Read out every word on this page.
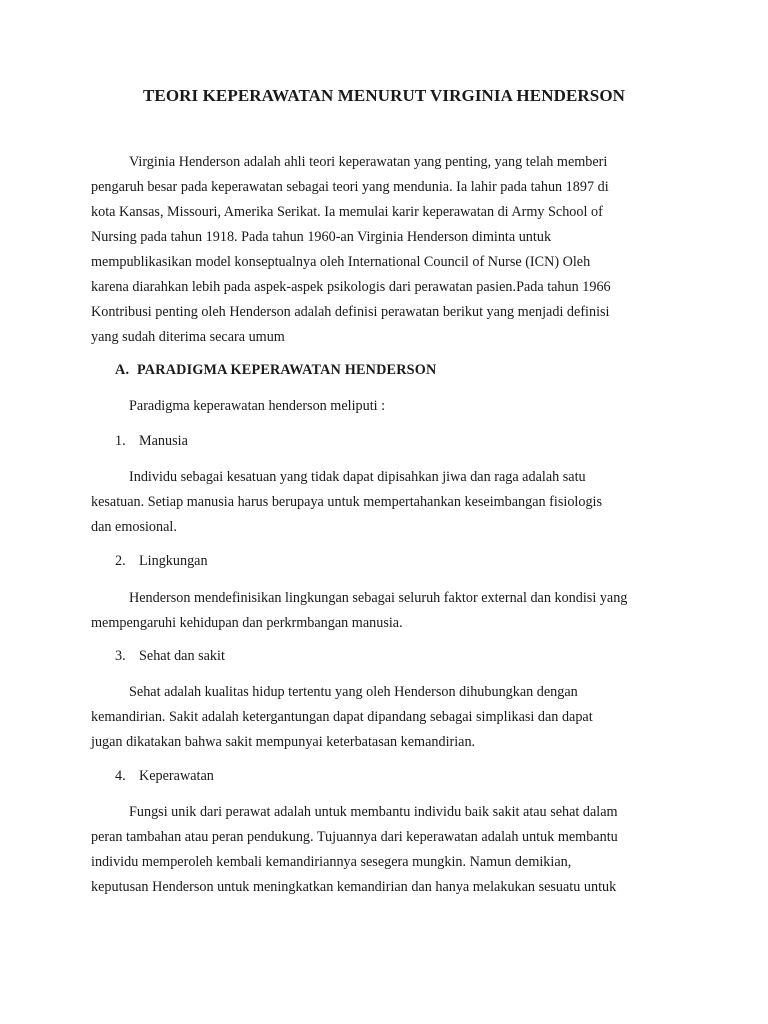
TEORI KEPERAWATAN MENURUT VIRGINIA HENDERSON

Virginia Henderson adalah ahli teori keperawatan yang penting, yang telah memberi

pengaruh besar pada keperawatan sebagai teori yang mendunia. Ia lahir pada tahun 1897 di

kota Kansas, Missouri, Amerika Serikat. Ia memulai karir keperawatan di Army School of

Nursing pada tahun 1918. Pada tahun 1960-an Virginia Henderson diminta untuk

mempublikasikan model konseptualnya oleh International Council of Nurse (ICN) Oleh

karena diarahkan lebih pada aspek-aspek psikologis dari perawatan pasien.Pada tahun 1966

Kontribusi penting oleh Henderson adalah definisi perawatan berikut yang menjadi definisi

yang sudah diterima secara umum

A. PARADIGMA KEPERAWATAN HENDERSON

Paradigma keperawatan henderson meliputi :

1. Manusia

Individu sebagai kesatuan yang tidak dapat dipisahkan jiwa dan raga adalah satu

kesatuan. Setiap manusia harus berupaya untuk mempertahankan keseimbangan fisiologis

dan emosional.

2. Lingkungan

Henderson mendefinisikan lingkungan sebagai seluruh faktor external dan kondisi yang

mempengaruhi kehidupan dan perkrmbangan manusia.

3. Sehat dan sakit

Sehat adalah kualitas hidup tertentu yang oleh Henderson dihubungkan dengan

kemandirian. Sakit adalah ketergantungan dapat dipandang sebagai simplikasi dan dapat

jugan dikatakan bahwa sakit mempunyai keterbatasan kemandirian.

4. Keperawatan

Fungsi unik dari perawat adalah untuk membantu individu baik sakit atau sehat dalam

peran tambahan atau peran pendukung. Tujuannya dari keperawatan adalah untuk membantu

individu memperoleh kembali kemandiriannya sesegera mungkin. Namun demikian,

keputusan Henderson untuk meningkatkan kemandirian dan hanya melakukan sesuatu untuk
